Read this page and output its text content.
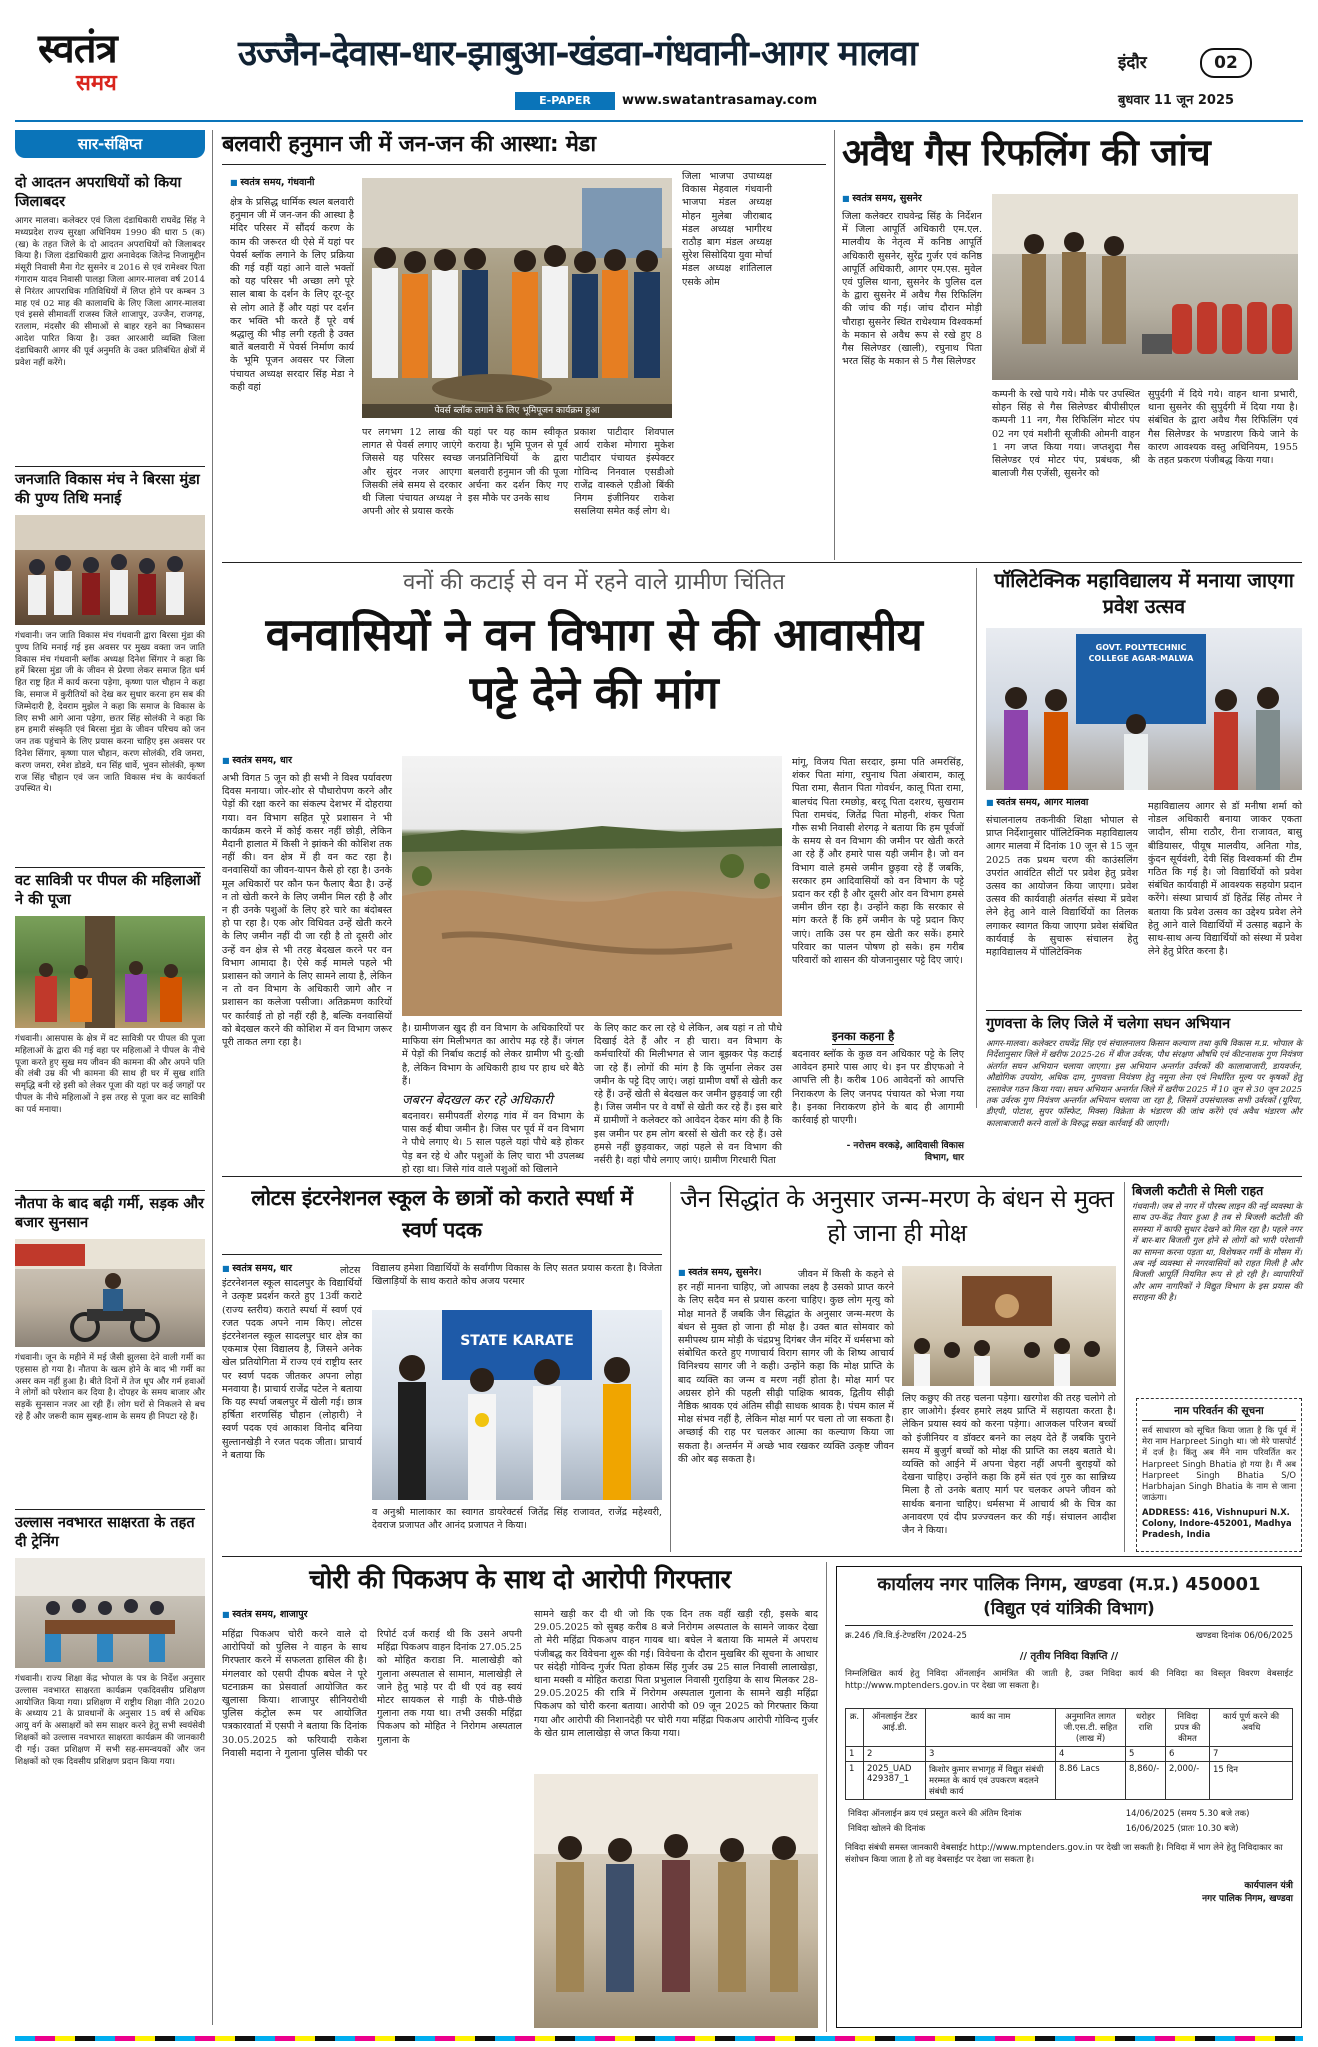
स्वतंत्र
समय
उज्जैन-देवास-धार-झाबुआ-खंडवा-गंधवानी-आगर मालवा
E-PAPER	www.swatantrasamay.com
इंदौर	02
बुधवार 11 जून 2025
सार-संक्षिप्त
दो आदतन अपराधियों को किया जिलाबदर
आगर मालवा। कलेक्टर एवं जिला दंडाधिकारी राघवेंद्र सिंह ने मध्यप्रदेश राज्य सुरक्षा अधिनियम 1990 की धारा 5 (क) (ख) के तहत जिले के दो आदतन अपराधियों को जिलाबदर किया है। जिला दंडाधिकारी द्वारा अनावेदक जितेन्द्र निजामुद्दीन मंसूरी निवासी मैना गेट सुसनेर व 2016 से एवं रामेश्वर पिता गंगाराम यादव निवासी पालड़ा जिला आगर-मालवा वर्ष 2014 से निरंतर आपराधिक गतिविधियों में लिप्त होने पर कम्बन 3 माह एवं 02 माह की कालावधि के लिए जिला आगर-मालवा एवं इससे सीमावर्ती राजस्व जिले शाजापुर, उज्जैन, राजगढ़, रतलाम, मंदसौर की सीमाओं से बाहर रहने का निष्कासन आदेश पारित किया है। उक्त आरआरी व्यक्ति जिला दंडाधिकारी आगर की पूर्व अनुमति के उक्त प्रतिबंधित क्षेत्रों में प्रवेश नहीं करेंगे।
जनजाति विकास मंच ने बिरसा मुंडा की पुण्य तिथि मनाई
गंधवानी। जन जाति विकास मंच गंधवानी द्वारा बिरसा मुंडा की पुण्य तिथि मनाई गई इस अवसर पर मुख्य वक्ता जन जाति विकास मंच गंधवानी ब्लॉक अध्यक्ष दिनेश सिंगार ने कहा कि हमें बिरसा मुंडा जी के जीवन से प्रेरणा लेकर समाज हित धर्म हित राष्ट्र हित में कार्य करना पड़ेगा, कृष्णा पाल चौहान ने कहा कि, समाज में कुरीतियों को देख कर सुधार करना हम सब की जिम्मेदारी है, देवराम मुझेल ने कहा कि समाज के विकास के लिए सभी आगे आना पड़ेगा, छतर सिंह सोलंकी ने कहा कि हम हमारी संस्कृति एवं बिरसा मुंडा के जीवन परिचय को जन जन तक पहुंचाने के लिए प्रयास करना चाहिए इस अवसर पर दिनेश सिंगार, कृष्णा पाल चौहान, करण सोलंकी, रवि जमरा, करण जमरा, रमेश डोडवे, धन सिंह धार्वे, भुवन सोलंकी, कृष्ण राज सिंह चौहान एवं जन जाति विकास मंच के कार्यकर्ता उपस्थित थे।
वट सावित्री पर पीपल की महिलाओं ने की पूजा
गंधवानी। आसपास के क्षेत्र में वट सावित्री पर पीपल की पूजा महिलाओं के द्वारा की गई वहा पर महिलाओं ने पीपल के नीचे पूजा करते हुए सुख मय जीवन की कामना की और अपने पति की लंबी उम्र की भी कामना की साथ ही घर में सुख शांति समृद्धि बनी रहे इसी को लेकर पूजा की यहां पर कई जगहों पर पीपल के नीचे महिलाओं ने इस तरह से पूजा कर वट सावित्री का पर्व मनाया।
नौतपा के बाद बढ़ी गर्मी, सड़क और बजार सुनसान
गंधवानी। जून के महीने में मई जैसी झुलसा देने वाली गर्मी का एहसास हो गया है। नौतपा के खत्म होने के बाद भी गर्मी का असर कम नहीं हुआ है। बीते दिनों में तेज धूप और गर्म हवाओं ने लोगों को परेशान कर दिया है। दोपहर के समय बाजार और सड़कें सुनसान नजर आ रही हैं। लोग घरों से निकलने से बच रहे हैं और जरूरी काम सुबह-शाम के समय ही निपटा रहे हैं।
उल्लास नवभारत साक्षरता के तहत दी ट्रेनिंग
गंधवानी। राज्य शिक्षा केंद्र भोपाल के पत्र के निर्देश अनुसार उल्लास नवभारत साक्षरता कार्यक्रम एकदिवसीय प्रशिक्षण आयोजित किया गया। प्रशिक्षण में राष्ट्रीय शिक्षा नीति 2020 के अध्याय 21 के प्रावधानों के अनुसार 15 वर्ष से अधिक आयु वर्ग के असाक्षरों को सम साक्षर करने हेतु सभी स्वयंसेवी शिक्षकों को उल्लास नवभारत साक्षरता कार्यक्रम की जानकारी दी गई। उक्त प्रशिक्षण में सभी सह-समन्वयकों और जन शिक्षकों को एक दिवसीय प्रशिक्षण प्रदान किया गया।
बलवारी हनुमान जी में जन-जन की आस्था: मेडा
■ स्वतंत्र समय, गंधवानी
क्षेत्र के प्रसिद्ध धार्मिक स्थल बलवारी हनुमान जी में जन-जन की आस्था है मंदिर परिसर में सौंदर्य करण के काम की जरूरत थी ऐसे में यहां पर पेवर्स ब्लॉक लगाने के लिए प्रक्रिया की गई वहीं यहां आने वाले भक्तों को यह परिसर भी अच्छा लगे पूरे साल बाबा के दर्शन के लिए दूर-दूर से लोग आते हैं और यहां पर दर्शन कर भक्ति भी करते हैं पूरे वर्ष श्रद्धालु की भीड़ लगी रहती है उक्त बातें बलवारी में पेवर्स निर्माण कार्य के भूमि पूजन अवसर पर जिला पंचायत अध्यक्ष सरदार सिंह मेडा ने कही वहां
पेवर्स ब्लॉक लगाने के लिए भूमिपूजन कार्यक्रम हुआ
पर लगभग 12 लाख की लागत से पेवर्स लगाए जाएंगे जिससे यह परिसर स्वच्छ और सुंदर नजर आएगा जिसकी लंबे समय से दरकार थी जिला पंचायत अध्यक्ष ने अपनी ओर से प्रयास करके
यहां पर यह काम स्वीकृत कराया है। भूमि पूजन से पूर्व जनप्रतिनिधियों के द्वारा बलवारी हनुमान जी की पूजा अर्चना कर दर्शन किए गए इस मौके पर उनके साथ
प्रकाश पाटीदार शिवपाल आर्य राकेश मोगारा मुकेश पाटीदार पंचायत इंस्पेक्टर गोविन्द निनवाल एसडीओ राजेंद्र वास्कले एडीओ बिंकी निगम इंजीनियर राकेश ससलिया समेत कई लोग थे।
जिला भाजपा उपाध्यक्ष विकास मेहवाल गंधवानी भाजपा मंडल अध्यक्ष मोहन मुलेबा जीराबाद मंडल अध्यक्ष भागीरथ राठौड़ बाग मंडल अध्यक्ष सुरेश सिसोदिया युवा मोर्चा मंडल अध्यक्ष शांतिलाल एसके ओम
अवैध गैस रिफलिंग की जांच
■ स्वतंत्र समय, सुसनेर
जिला कलेक्टर राघवेन्द्र सिंह के निर्देशन में जिला आपूर्ति अधिकारी एम.एल. मालवीय के नेतृत्व में कनिष्ठ आपूर्ति अधिकारी सुसनेर, सुरेंद्र गुर्जर एवं कनिष्ठ आपूर्ति अधिकारी, आगर एम.एस. मुवेल एवं पुलिस थाना, सुसनेर के पुलिस दल के द्वारा सुसनेर में अवैध गैस रिफिलिंग की जांच की गई। जांच दौरान मोड़ी चौराहा सुसनेर स्थित राधेश्याम विश्वकर्मा के मकान से अवैध रूप से रखे हुए 8 गैस सिलेण्डर (खाली), रघुनाथ पिता भरत सिंह के मकान से 5 गैस सिलेण्डर
कम्पनी के रखे पाये गये। मौके पर उपस्थित सोहन सिंह से गैस सिलेण्डर बीपीसीएल कम्पनी 11 नग, गैस रिफिलिंग मोटर पंप 02 नग एवं मशीनी सूजीकी ओमनी वाहन 1 नग जप्त किया गया। जप्तशुदा गैस सिलेण्डर एवं मोटर पंप, प्रबंधक, श्री बालाजी गैस एजेंसी, सुसनेर को
सुपुर्दगी में दिये गये। वाहन थाना प्रभारी, थाना सुसनेर की सुपुर्दगी में दिया गया है। संबंधित के द्वारा अवैध गैस रिफिलिंग एवं गैस सिलेण्डर के भण्डारण किये जाने के कारण आवश्यक वस्तु अधिनियम, 1955 के तहत प्रकरण पंजीबद्ध किया गया।
वनों की कटाई से वन में रहने वाले ग्रामीण चिंतित
वनवासियों ने वन विभाग से की आवासीय पट्टे देने की मांग
■ स्वतंत्र समय, धार
अभी विगत 5 जून को ही सभी ने विश्व पर्यावरण दिवस मनाया। जोर-शोर से पौधारोपण करने और पेड़ों की रक्षा करने का संकल्प देशभर में दोहराया गया। वन विभाग सहित पूरे प्रशासन ने भी कार्यक्रम करने में कोई कसर नहीं छोड़ी, लेकिन मैदानी हालात में किसी ने झांकने की कोशिश तक नहीं की। वन क्षेत्र में ही वन कट रहा है। वनवासियों का जीवन-यापन कैसे हो रहा है। उनके मूल अधिकारों पर कौन फन फैलाए बैठा है। उन्हें न तो खेती करने के लिए जमीन मिल रही है और न ही उनके पशुओं के लिए हरे चारे का बंदोबस्त हो पा रहा है। एक ओर विधिवत उन्हें खेती करने के लिए जमीन नहीं दी जा रही है तो दूसरी ओर उन्हें वन क्षेत्र से भी तरह बेदखल करने पर वन विभाग आमादा है। ऐसे कई मामले पहले भी प्रशासन को जगाने के लिए सामने लाया है, लेकिन न तो वन विभाग के अधिकारी जागे और न प्रशासन का कलेजा पसीजा। अतिक्रमण कारियों पर कार्रवाई तो हो नहीं रही है, बल्कि वनवासियों को बेदखल करने की कोशिश में वन विभाग जरूर पूरी ताकत लगा रहा है।
है। ग्रामीणजन खुद ही वन विभाग के अधिकारियों पर माफिया संग मिलीभगत का आरोप मढ़ रहे हैं। जंगल में पेड़ों की निर्बाध कटाई को लेकर ग्रामीण भी दु:खी है, लेकिन विभाग के अधिकारी हाथ पर हाथ धरे बैठे हैं।
जबरन बेदखल कर रहे अधिकारी
बदनावर। समीपवर्ती शेरगढ़ गांव में वन विभाग के पास कई बीघा जमीन है। जिस पर पूर्व में वन विभाग ने पौधे लगाए थे। 5 साल पहले यहां पौधे बड़े होकर पेड़ बन रहे थे और पशुओं के लिए चारा भी उपलब्ध हो रहा था। जिसे गांव वाले पशुओं को खिलाने
के लिए काट कर ला रहे थे लेकिन, अब यहां न तो पौधे दिखाई देते हैं और न ही चारा। वन विभाग के कर्मचारियों की मिलीभगत से जान बूझकर पेड़ कटाई जा रहे हैं। लोगों की मांग है कि जुर्माना लेकर उस जमीन के पट्टे दिए जाएं। जहां ग्रामीण वर्षों से खेती कर रहे हैं। उन्हें खेती से बेदखल कर जमीन छुड़वाई जा रही है। जिस जमीन पर वे वर्षों से खेती कर रहे हैं। इस बारे में ग्रामीणों ने कलेक्टर को आवेदन देकर मांग की है कि इस जमीन पर हम लोग बरसों से खेती कर रहे हैं। उसे हमसे नहीं छुड़वाकर, जहां पहले से वन विभाग की नर्सरी है। वहां पौधे लगाए जाएं। ग्रामीण गिरधारी पिता
मांगू, विजय पिता सरदार, झमा पति अमरसिंह, शंकर पिता मांगा, रघुनाथ पिता अंबाराम, कालू पिता रामा, सैतान पिता गोवर्धन, कालू पिता रामा, बालचंद पिता रमछोड़, बरदू पिता दशरथ, सुखराम पिता रामचंद, जितेंद्र पिता मोहनी, शंकर पिता गौरू सभी निवासी शेरगढ़ ने बताया कि हम पूर्वजों के समय से वन विभाग की जमीन पर खेती करते आ रहे हैं और हमारे पास यही जमीन है। जो वन विभाग वाले हमसे जमीन छुड़वा रहे हैं जबकि, सरकार हम आदिवासियों को वन विभाग के पट्टे प्रदान कर रही है और दूसरी ओर वन विभाग हमसे जमीन छीन रहा है। उन्होंने कहा कि सरकार से मांग करते हैं कि हमें जमीन के पट्टे प्रदान किए जाएं। ताकि उस पर हम खेती कर सकें। हमारे परिवार का पालन पोषण हो सके। हम गरीब परिवारों को शासन की योजनानुसार पट्टे दिए जाएं।
इनका कहना है
बदनावर ब्लॉक के कुछ वन अधिकार पट्टे के लिए आवेदन हमारे पास आए थे। इन पर डीएफओ ने आपत्ति ली है। करीब 106 आवेदनों को आपत्ति निराकरण के लिए जनपद पंचायत को भेजा गया है। इनका निराकरण होने के बाद ही आगामी कार्रवाई हो पाएगी।
- नरोत्तम वरकड़े, आदिवासी विकास विभाग, धार
पॉलिटेक्निक महाविद्यालय में मनाया जाएगा प्रवेश उत्सव
GOVT. POLYTECHNIC COLLEGE AGAR-MALWA
■ स्वतंत्र समय, आगर मालवा
संचालनालय तकनीकी शिक्षा भोपाल से प्राप्त निर्देशानुसार पॉलिटेक्निक महाविद्यालय आगर मालवा में दिनांक 10 जून से 15 जून 2025 तक प्रथम चरण की काउंसलिंग उपरांत आवंटित सीटों पर प्रवेश हेतु प्रवेश उत्सव का आयोजन किया जाएगा। प्रवेश उत्सव की कार्यवाही अंतर्गत संस्था में प्रवेश लेने हेतु आने वाले विद्यार्थियों का तिलक लगाकर स्वागत किया जाएगा प्रवेश संबंधित कार्यवाई के सुचारू संचालन हेतु महाविद्यालय में पॉलिटेक्निक
महाविद्यालय आगर से डॉ मनीषा शर्मा को नोडल अधिकारी बनाया जाकर एकता जादौन, सीमा राठौर, रीना राजावत, बासु बीडियासर, पीयूष मालवीय, अनिता गोड, कुंदन सूर्यवंशी, देवी सिंह विश्वकर्मा की टीम गठित कि गई है। जो विद्यार्थियों को प्रवेश संबंधित कार्यवाही में आवश्यक सहयोग प्रदान करेंगे। संस्था प्राचार्य डॉ हितेंद्र सिंह तोमर ने बताया कि प्रवेश उत्सव का उद्देश्य प्रवेश लेने हेतु आने वाले विद्यार्थियों में उत्साह बढ़ाने के साथ-साथ अन्य विद्यार्थियों को संस्था में प्रवेश लेने हेतु प्रेरित करना है।
गुणवत्ता के लिए जिले में चलेगा सघन अभियान
आगर-मालवा। कलेक्टर राघवेंद्र सिंह एवं संचालनालय किसान कल्याण तथा कृषि विकास म.प्र. भोपाल के निर्देशानुसार जिले में खरीफ 2025-26 में बीज उर्वरक, पौध संरक्षण औषधि एवं कीटनाशक गुण नियंत्रण अंतर्गत सघन अभियान चलाया जाएगा। इस अभियान अन्तर्गत उर्वरकों की कालाबाजारी, डायवर्जन, औद्योगिक उपयोग, अधिक दाम, गुणवत्ता नियंत्रण हेतु नमूना लेना एवं निर्धारित मूल्य पर कृषकों हेतु दस्तावेज गठन किया गया। सघन अभियान अन्तर्गत जिले में खरीफ 2025 में 10 जून से 30 जून 2025 तक उर्वरक गुण नियंत्रण अन्तर्गत अभियान चलाया जा रहा है, जिसमें उपसंचालक सभी उर्वरकों (यूरिया, डीएपी, पोटाश, सुपर फॉस्फेट, मिक्स) विक्रेता के भंडारण की जांच करेंगे एवं अवैध भंडारण और कालाबाजारी करने वालों के विरुद्ध सख्त कार्रवाई की जाएगी।
लोटस इंटरनेशनल स्कूल के छात्रों को कराते स्पर्धा में स्वर्ण पदक
■ स्वतंत्र समय, धार	लोटस इंटरनेशनल स्कूल सादलपुर के विद्यार्थियों ने उत्कृष्ट प्रदर्शन करते हुए 13वीं कराटे (राज्य स्तरीय) कराते स्पर्धा में स्वर्ण एवं रजत पदक अपने नाम किए। लोटस इंटरनेशनल स्कूल सादलपुर धार क्षेत्र का एकमात्र ऐसा विद्यालय है, जिसने अनेक खेल प्रतियोगिता में राज्य एवं राष्ट्रीय स्तर पर स्वर्ण पदक जीतकर अपना लोहा मनवाया है। प्राचार्य राजेंद्र पटेल ने बताया कि यह स्पर्धा जबलपुर में खेली गई। छात्र हर्षिता शरणसिंह चौहान (लोहारी) ने स्वर्ण पदक एवं आकाश विनोद बनिया सुल्तानखेड़ी ने रजत पदक जीता। प्राचार्य ने बताया कि
विद्यालय हमेशा विद्यार्थियों के सर्वांगीण विकास के लिए सतत प्रयास करता है। विजेता खिलाड़ियों के साथ कराते कोच अजय परमार
STATE KARATE
व अनुश्री मालाकार का स्वागत डायरेक्टर्स जितेंद्र सिंह राजावत, राजेंद्र महेश्वरी, देवराज प्रजापत और आनंद प्रजापत ने किया।
जैन सिद्धांत के अनुसार जन्म-मरण के बंधन से मुक्त हो जाना ही मोक्ष
■ स्वतंत्र समय, सुसनेर।	जीवन में किसी के कहने से हर नहीं मानना चाहिए, जो आपका लक्ष्य है उसको प्राप्त करने के लिए सदैव मन से प्रयास करना चाहिए। कुछ लोग मृत्यु को मोक्ष मानते हैं जबकि जैन सिद्धांत के अनुसार जन्म-मरण के बंधन से मुक्त हो जाना ही मोक्ष है। उक्त बात सोमवार को समीपस्थ ग्राम मोड़ी के चंद्रप्रभु दिगंबर जैन मंदिर में धर्मसभा को संबोधित करते हुए गणाचार्य विराग सागर जी के शिष्य आचार्य विनिश्चय सागर जी ने कही। उन्होंने कहा कि मोक्ष प्राप्ति के बाद व्यक्ति का जन्म व मरण नहीं होता है। मोक्ष मार्ग पर अग्रसर होने की पहली सीढ़ी पाक्षिक श्रावक, द्वितीय सीढ़ी नैष्ठिक श्रावक एवं अंतिम सीढ़ी साधक श्रावक है। पंचम काल में मोक्ष संभव नहीं है, लेकिन मोक्ष मार्ग पर चला तो जा सकता है। अच्छाई की राह पर चलकर आत्मा का कल्याण किया जा सकता है। अन्तर्मन में अच्छे भाव रखकर व्यक्ति उत्कृष्ट जीवन की ओर बढ़ सकता है।
लिए कछुए की तरह चलना पड़ेगा। खरगोश की तरह चलोगे तो हार जाओगे। ईश्वर हमारे लक्ष्य प्राप्ति में सहायता करता है। लेकिन प्रयास स्वयं को करना पड़ेगा। आजकल परिजन बच्चों को इंजीनियर व डॉक्टर बनने का लक्ष्य देते हैं जबकि पुराने समय में बुजुर्ग बच्चों को मोक्ष की प्राप्ति का लक्ष्य बताते थे। व्यक्ति को आईने में अपना चेहरा नहीं अपनी बुराइयों को देखना चाहिए। उन्होंने कहा कि हमें संत एवं गुरु का सान्निध्य मिला है तो उनके बताए मार्ग पर चलकर अपने जीवन को सार्थक बनाना चाहिए। धर्मसभा में आचार्य श्री के चित्र का अनावरण एवं दीप प्रज्ज्वलन कर की गई। संचालन आदीश जैन ने किया।
बिजली कटौती से मिली राहत
गंधवानी। जब से नगर में पौरस्थ लाइन की नई व्यवस्था के साथ उप-केंद्र तैयार हुआ है तब से बिजली कटौती की समस्या में काफी सुधार देखने को मिल रहा है। पहले नगर में बार-बार बिजली गुल होने से लोगों को भारी परेशानी का सामना करना पड़ता था, विशेषकर गर्मी के मौसम में। अब नई व्यवस्था से नगरवासियों को राहत मिली है और बिजली आपूर्ति नियमित रूप से हो रही है। व्यापारियों और आम नागरिकों ने विद्युत विभाग के इस प्रयास की सराहना की है।
नाम परिवर्तन की सूचना
सर्व साधारण को सूचित किया जाता है कि पूर्व में मेरा नाम Harpreet Singh था। जो मेरे पासपोर्ट में दर्ज है। किंतु अब मैंने नाम परिवर्तित कर Harpreet Singh Bhatia हो गया है। मैं अब Harpreet Singh Bhatia S/O Harbhajan Singh Bhatia के नाम से जाना जाऊंगा।
ADDRESS: 416, Vishnupuri N.X. Colony, Indore-452001, Madhya Pradesh, India
चोरी की पिकअप के साथ दो आरोपी गिरफ्तार
■ स्वतंत्र समय, शाजापुर
महिंद्रा पिकअप चोरी करने वाले दो आरोपियों को पुलिस ने वाहन के साथ गिरफ्तार करने में सफलता हासिल की है। मंगलवार को एसपी दीपक बघेल ने पूरे घटनाक्रम का प्रेसवार्ता आयोजित कर खुलासा किया। शाजापुर सीनियरोथी पुलिस कंट्रोल रूम पर आयोजित पत्रकारवार्ता में एसपी ने बताया कि दिनांक 30.05.2025 को फरियादी राकेश निवासी मदाना ने गुलाना पुलिस चौकी पर रिपोर्ट दर्ज कराई थी कि उसने अपनी महिंद्रा पिकअप वाहन दिनांक 27.05.25 को मोहित कराडा नि. मालाखेड़ी को गुलाना अस्पताल से सामान, मालाखेड़ी ले जाने हेतु भाड़े पर दी थी एवं वह स्वयं मोटर सायकल से गाड़ी के पीछे-पीछे गुलाना तक गया था। तभी उसकी महिंद्रा पिकअप को मोहित ने निरोगम अस्पताल गुलाना के
सामने खड़ी कर दी थी जो कि एक दिन तक वहीं खड़ी रही, इसके बाद 29.05.2025 को सुबह करीब 8 बजे निरोगम अस्पताल के सामने जाकर देखा तो मेरी महिंद्रा पिकअप वाहन गायब था। बघेल ने बताया कि मामले में अपराध पंजीबद्ध कर विवेचना शुरू की गई। विवेचना के दौरान मुखबिर की सूचना के आधार पर संदेही गोविन्द गुर्जर पिता होकम सिंह गुर्जर उम्र 25 साल निवासी लालाखेड़ा, थाना मक्सी व मोहित कराडा पिता प्रभुलाल निवासी गुराड़िया के साथ मिलकर 28-29.05.2025 की रात्रि में निरोगम अस्पताल गुलाना के सामने खड़ी महिंद्रा पिकअप को चोरी करना बताया। आरोपी को 09 जून 2025 को गिरफ्तार किया गया और आरोपी की निशानदेही पर चोरी गया महिंद्रा पिकअप आरोपी गोविन्द गुर्जर के खेत ग्राम लालाखेड़ा से जप्त किया गया।
कार्यालय नगर पालिक निगम, खण्डवा (म.प्र.) 450001
(विद्युत एवं यांत्रिकी विभाग)
क्र.246 /वि.वि.ई-टेण्डरिंग /2024-25	खण्डवा दिनांक 06/06/2025
// तृतीय निविदा विज्ञप्ति //
निम्नलिखित कार्य हेतु निविदा ऑनलाईन आमंत्रित की जाती है, उक्त निविदा कार्य की निविदा का विस्तृत विवरण वेबसाईट http://www.mptenders.gov.in पर देखा जा सकता है।
क्र.	ऑनलाईन टेंडर आई.डी.	कार्य का नाम	अनुमानित लागत जी.एस.टी. सहित (लाख में)	धरोहर राशि	निविदा प्रपत्र की कीमत	कार्य पूर्ण करने की अवधि
1	2	3	4	5	6	7
1	2025_UAD 429387_1	किशोर कुमार सभागृह में विद्युत संबंधी मरम्मत के कार्य एवं उपकरण बदलने संबंधी कार्य	8.86 Lacs	8,860/-	2,000/-	15 दिन
निविदा ऑनलाईन क्रय एवं प्रस्तुत करने की अंतिम दिनांक	14/06/2025 (समय 5.30 बजे तक)
निविदा खोलने की दिनांक	16/06/2025 (प्रातः 10.30 बजे)
निविदा संबंधी समस्त जानकारी वेबसाईट http://www.mptenders.gov.in पर देखी जा सकती है। निविदा में भाग लेने हेतु निविदाकार का संशोधन किया जाता है तो वह वेबसाईट पर देखा जा सकता है।
कार्यपालन यंत्री
नगर पालिक निगम, खण्डवा
